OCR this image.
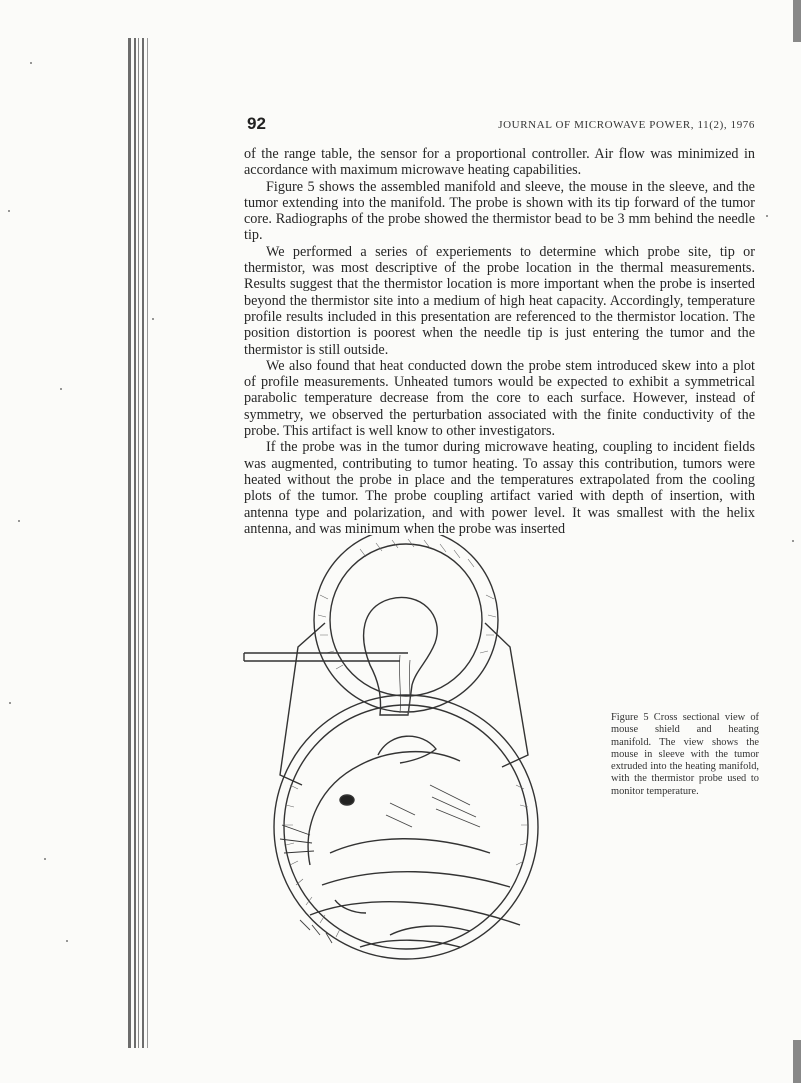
92	JOURNAL OF MICROWAVE POWER, 11(2), 1976

of the range table, the sensor for a proportional controller. Air flow was minimized in accordance with maximum microwave heating capabilities.

Figure 5 shows the assembled manifold and sleeve, the mouse in the sleeve, and the tumor extending into the manifold. The probe is shown with its tip forward of the tumor core. Radiographs of the probe showed the thermistor bead to be 3 mm behind the needle tip.

We performed a series of experiements to determine which probe site, tip or thermistor, was most descriptive of the probe location in the thermal measurements. Results suggest that the thermistor location is more important when the probe is inserted beyond the thermistor site into a medium of high heat capacity. Accordingly, temperature profile results included in this presentation are referenced to the thermistor location. The position distortion is poorest when the needle tip is just entering the tumor and the thermistor is still outside.

We also found that heat conducted down the probe stem introduced skew into a plot of profile measurements. Unheated tumors would be expected to exhibit a symmetrical parabolic temperature decrease from the core to each surface. However, instead of symmetry, we observed the perturbation associated with the finite conductivity of the probe. This artifact is well know to other investigators.

If the probe was in the tumor during microwave heating, coupling to incident fields was augmented, contributing to tumor heating. To assay this contribution, tumors were heated without the probe in place and the temperatures extrapolated from the cooling plots of the tumor. The probe coupling artifact varied with depth of insertion, with antenna type and polarization, and with power level. It was smallest with the helix antenna, and was minimum when the probe was inserted

Figure 5 Cross sectional view of mouse shield and heating manifold. The view shows the mouse in sleeve with the tumor extruded into the heating manifold, with the thermistor probe used to monitor temperature.
